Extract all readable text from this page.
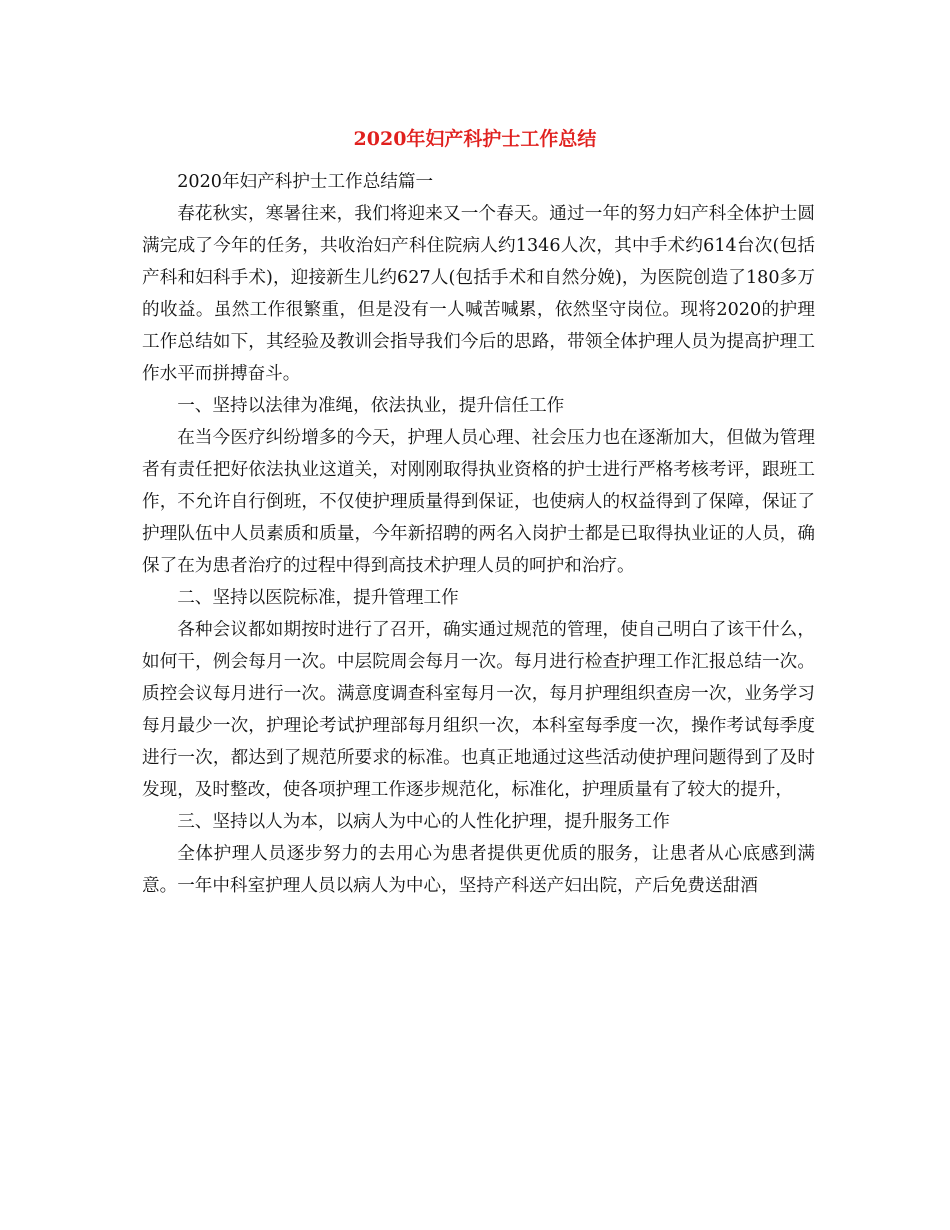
2020年妇产科护士工作总结

2020年妇产科护士工作总结篇一

春花秋实，寒暑往来，我们将迎来又一个春天。通过一年的努力妇产科全体护士圆满完成了今年的任务，共收治妇产科住院病人约1346人次，其中手术约614台次(包括产科和妇科手术)，迎接新生儿约627人(包括手术和自然分娩)，为医院创造了180多万的收益。虽然工作很繁重，但是没有一人喊苦喊累，依然坚守岗位。现将2020的护理工作总结如下，其经验及教训会指导我们今后的思路，带领全体护理人员为提高护理工作水平而拼搏奋斗。

一、坚持以法律为准绳，依法执业，提升信任工作

在当今医疗纠纷增多的今天，护理人员心理、社会压力也在逐渐加大，但做为管理者有责任把好依法执业这道关，对刚刚取得执业资格的护士进行严格考核考评，跟班工作，不允许自行倒班，不仅使护理质量得到保证，也使病人的权益得到了保障，保证了护理队伍中人员素质和质量，今年新招聘的两名入岗护士都是已取得执业证的人员，确保了在为患者治疗的过程中得到高技术护理人员的呵护和治疗。

二、坚持以医院标准，提升管理工作

各种会议都如期按时进行了召开，确实通过规范的管理，使自己明白了该干什么，如何干，例会每月一次。中层院周会每月一次。每月进行检查护理工作汇报总结一次。质控会议每月进行一次。满意度调查科室每月一次，每月护理组织查房一次，业务学习每月最少一次，护理论考试护理部每月组织一次，本科室每季度一次，操作考试每季度进行一次，都达到了规范所要求的标准。也真正地通过这些活动使护理问题得到了及时发现，及时整改，使各项护理工作逐步规范化，标准化，护理质量有了较大的提升，

三、坚持以人为本，以病人为中心的人性化护理，提升服务工作

全体护理人员逐步努力的去用心为患者提供更优质的服务，让患者从心底感到满意。一年中科室护理人员以病人为中心，坚持产科送产妇出院，产后免费送甜酒
